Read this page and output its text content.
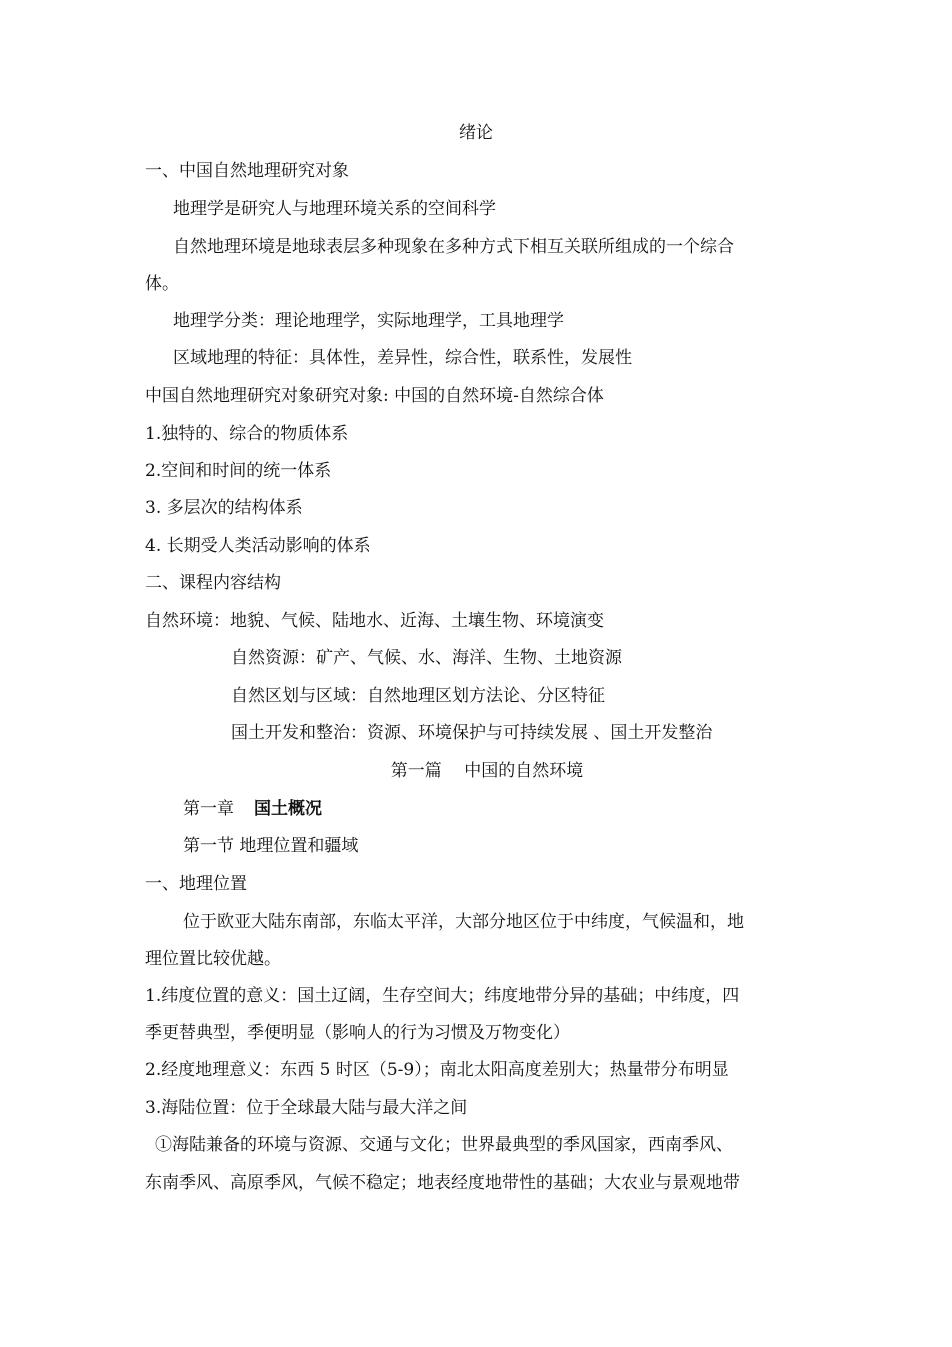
绪论

一、中国自然地理研究对象

地理学是研究人与地理环境关系的空间科学

自然地理环境是地球表层多种现象在多种方式下相互关联所组成的一个综合

体。

地理学分类：理论地理学，实际地理学，工具地理学

区域地理的特征：具体性，差异性，综合性，联系性，发展性

中国自然地理研究对象研究对象: 中国的自然环境-自然综合体

1.独特的、综合的物质体系

2.空间和时间的统一体系

3. 多层次的结构体系

4. 长期受人类活动影响的体系

二、课程内容结构

自然环境：地貌、气候、陆地水、近海、土壤生物、环境演变

自然资源：矿产、气候、水、海洋、生物、土地资源

自然区划与区域：自然地理区划方法论、分区特征

国土开发和整治：资源、环境保护与可持续发展 、国土开发整治

第一篇　 中国的自然环境

第一章 国土概况

第一节 地理位置和疆域

一、地理位置

位于欧亚大陆东南部，东临太平洋，大部分地区位于中纬度，气候温和，地

理位置比较优越。

1.纬度位置的意义：国土辽阔，生存空间大；纬度地带分异的基础；中纬度，四

季更替典型，季便明显（影响人的行为习惯及万物变化）

2.经度地理意义：东西 5 时区（5-9）；南北太阳高度差别大；热量带分布明显

3.海陆位置：位于全球最大陆与最大洋之间

①海陆兼备的环境与资源、交通与文化；世界最典型的季风国家，西南季风、

东南季风、高原季风，气候不稳定；地表经度地带性的基础；大农业与景观地带
